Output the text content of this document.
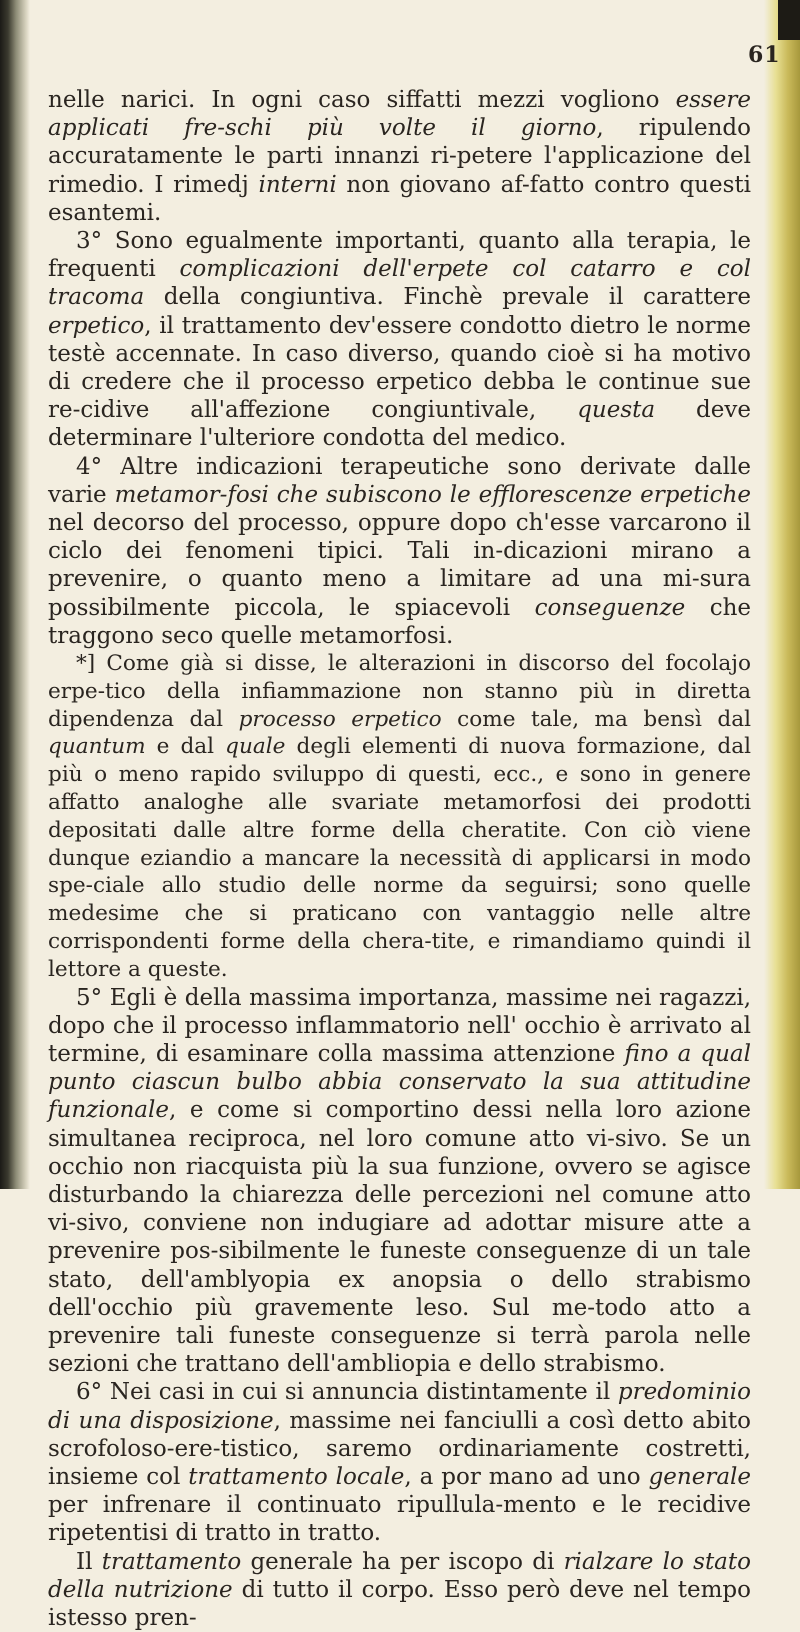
61

nelle narici. In ogni caso siffatti mezzi vogliono essere applicati fre-schi più volte il giorno, ripulendo accuratamente le parti innanzi ri-petere l'applicazione del rimedio. I rimedj interni non giovano af-fatto contro questi esantemi.

3° Sono egualmente importanti, quanto alla terapia, le frequenti complicazioni dell'erpete col catarro e col tracoma della congiuntiva. Finchè prevale il carattere erpetico, il trattamento dev'essere condotto dietro le norme testè accennate. In caso diverso, quando cioè si ha motivo di credere che il processo erpetico debba le continue sue re-cidive all'affezione congiuntivale, questa deve determinare l'ulteriore condotta del medico.

4° Altre indicazioni terapeutiche sono derivate dalle varie metamor-fosi che subiscono le efflorescenze erpetiche nel decorso del processo, oppure dopo ch'esse varcarono il ciclo dei fenomeni tipici. Tali in-dicazioni mirano a prevenire, o quanto meno a limitare ad una mi-sura possibilmente piccola, le spiacevoli conseguenze che traggono seco quelle metamorfosi.

*] Come già si disse, le alterazioni in discorso del focolajo erpe-tico della infiammazione non stanno più in diretta dipendenza dal processo erpetico come tale, ma bensì dal quantum e dal quale degli elementi di nuova formazione, dal più o meno rapido sviluppo di questi, ecc., e sono in genere affatto analoghe alle svariate metamorfosi dei prodotti depositati dalle altre forme della cheratite. Con ciò viene dunque eziandio a mancare la necessità di applicarsi in modo spe-ciale allo studio delle norme da seguirsi; sono quelle medesime che si praticano con vantaggio nelle altre corrispondenti forme della chera-tite, e rimandiamo quindi il lettore a queste.

5° Egli è della massima importanza, massime nei ragazzi, dopo che il processo inflammatorio nell' occhio è arrivato al termine, di esaminare colla massima attenzione fino a qual punto ciascun bulbo abbia conservato la sua attitudine funzionale, e come si comportino dessi nella loro azione simultanea reciproca, nel loro comune atto vi-sivo. Se un occhio non riacquista più la sua funzione, ovvero se agisce disturbando la chiarezza delle percezioni nel comune atto vi-sivo, conviene non indugiare ad adottar misure atte a prevenire pos-sibilmente le funeste conseguenze di un tale stato, dell'amblyopia ex anopsia o dello strabismo dell'occhio più gravemente leso. Sul me-todo atto a prevenire tali funeste conseguenze si terrà parola nelle sezioni che trattano dell'ambliopia e dello strabismo.

6° Nei casi in cui si annuncia distintamente il predominio di una disposizione, massime nei fanciulli a così detto abito scrofoloso-ere-tistico, saremo ordinariamente costretti, insieme col trattamento locale, a por mano ad uno generale per infrenare il continuato ripullula-mento e le recidive ripetentisi di tratto in tratto.

Il trattamento generale ha per iscopo di rialzare lo stato della nutrizione di tutto il corpo. Esso però deve nel tempo istesso pren-
